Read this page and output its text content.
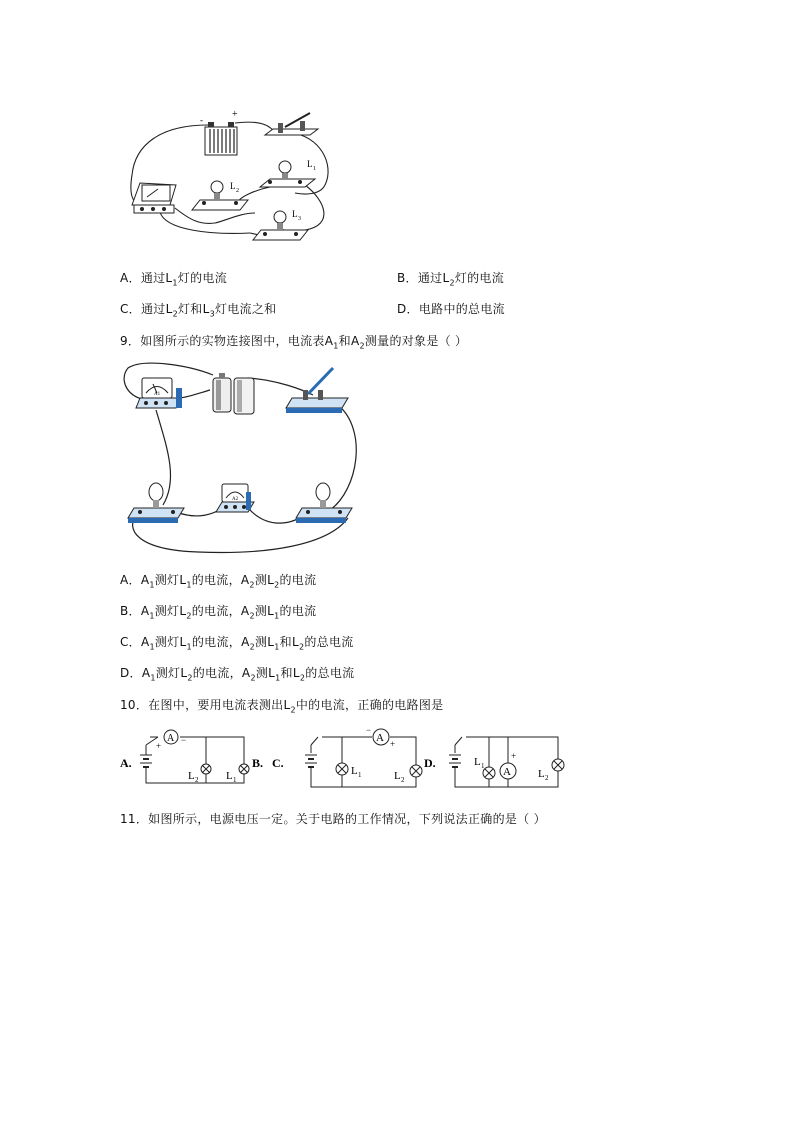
-	+
L 1
L 2
L 3
A．通过$L_1$灯的电流	B．通过$L_2$灯的电流
C．通过$L_2$灯和$L_3$灯电流之和	D．电路中的总电流
9．如图所示的实物连接图中，电流表$A_1$和$A_2$测量的对象是（ ）
A1
A2
A．$A_1$测灯$L_1$的电流，$A_2$测$L_2$的电流
B．$A_1$测灯$L_2$的电流，$A_2$测$L_1$的电流
C．$A_1$测灯$L_1$的电流，$A_2$测$L_1$和$L_2$的总电流
D．$A_1$测灯$L_2$的电流，$A_2$测$L_1$和$L_2$的总电流
10．在图中，要用电流表测出$L_2$中的电流，正确的电路图是
A
+
−
L 2	L 1
A.	B. C.
A
−
+
L 1	L 2
D.
A
+
L 1
L 2
11．如图所示，电源电压一定。关于电路的工作情况，下列说法正确的是（ ）
